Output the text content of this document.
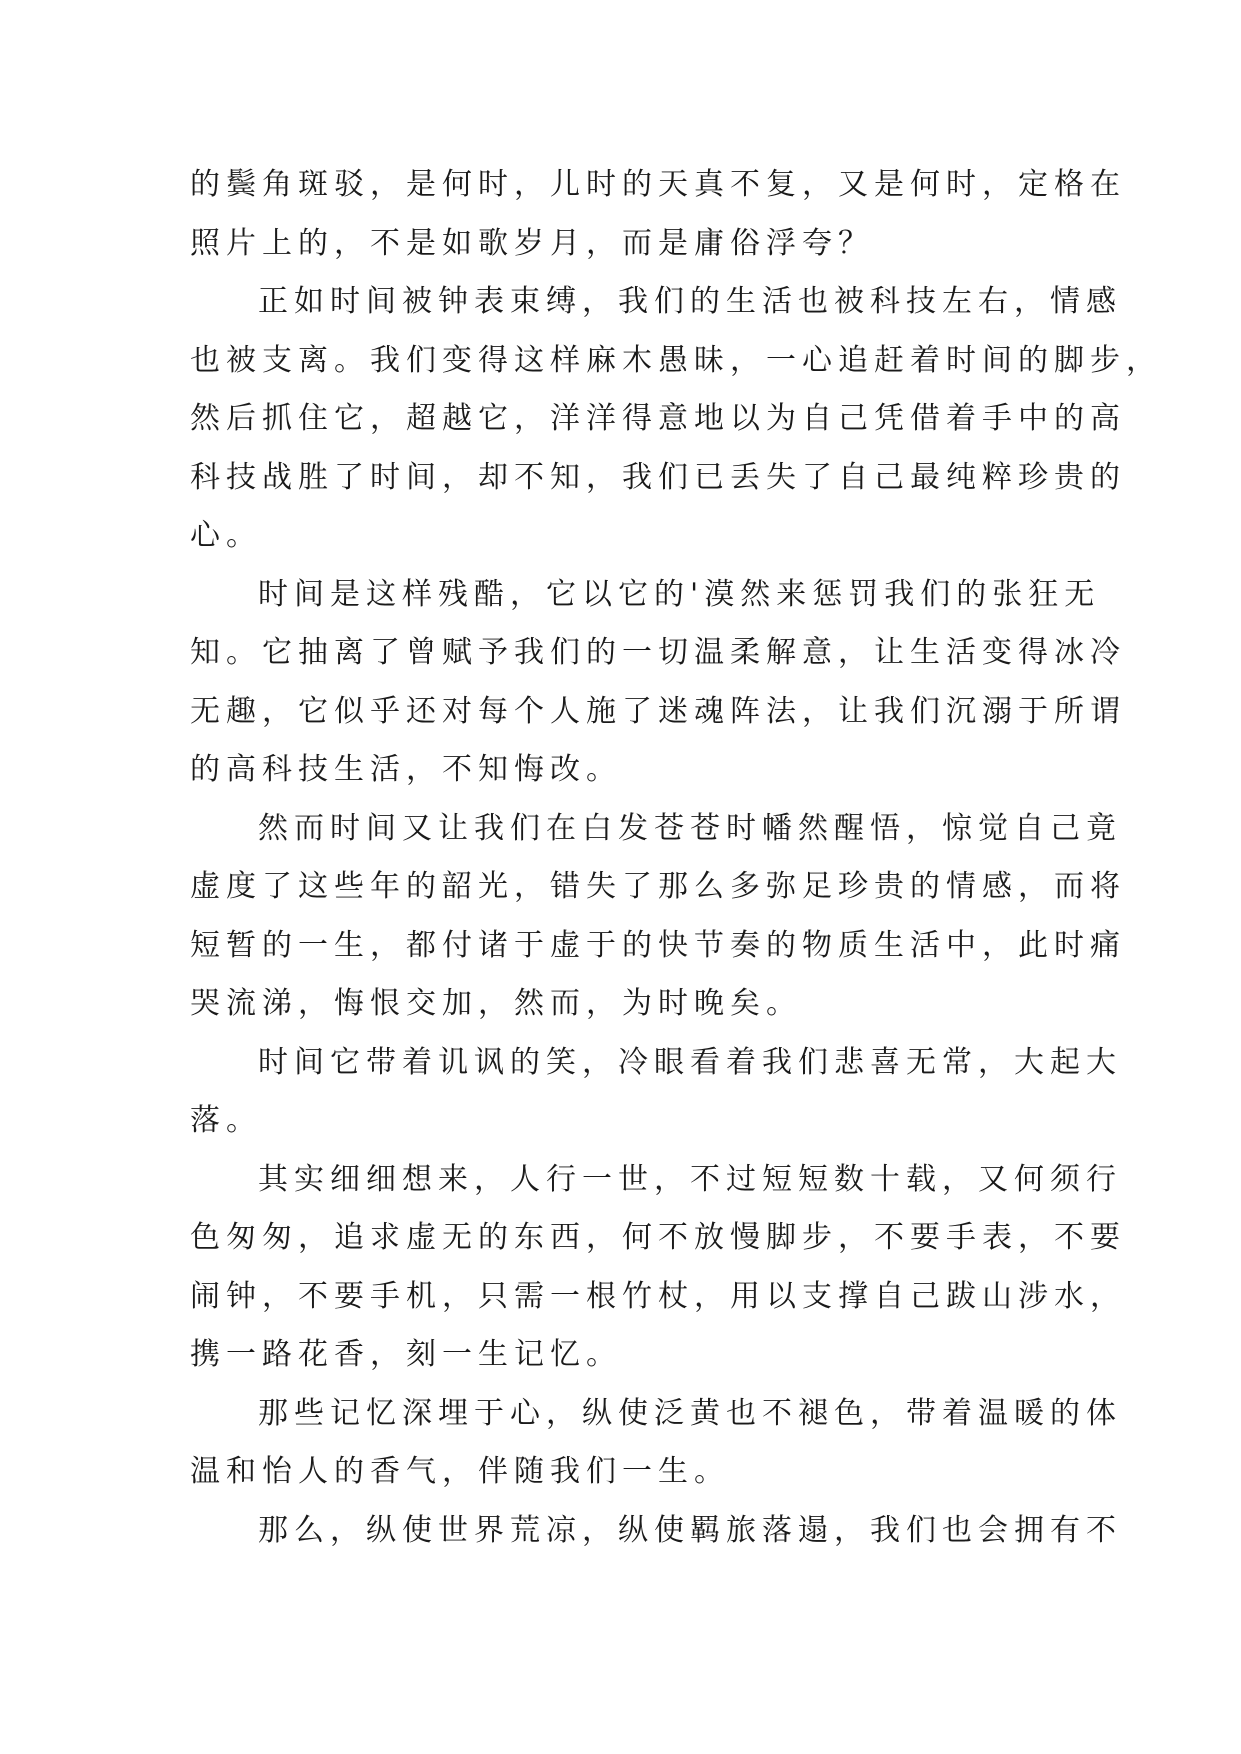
的鬓角斑驳，是何时，儿时的天真不复，又是何时，定格在
照片上的，不是如歌岁月，而是庸俗浮夸？
正如时间被钟表束缚，我们的生活也被科技左右，情感
也被支离。我们变得这样麻木愚昧，一心追赶着时间的脚步，
然后抓住它，超越它，洋洋得意地以为自己凭借着手中的高
科技战胜了时间，却不知，我们已丢失了自己最纯粹珍贵的
心。
时间是这样残酷，它以它的'漠然来惩罚我们的张狂无
知。它抽离了曾赋予我们的一切温柔解意，让生活变得冰冷
无趣，它似乎还对每个人施了迷魂阵法，让我们沉溺于所谓
的高科技生活，不知悔改。
然而时间又让我们在白发苍苍时幡然醒悟，惊觉自己竟
虚度了这些年的韶光，错失了那么多弥足珍贵的情感，而将
短暂的一生，都付诸于虚于的快节奏的物质生活中，此时痛
哭流涕，悔恨交加，然而，为时晚矣。
时间它带着讥讽的笑，冷眼看着我们悲喜无常，大起大
落。
其实细细想来，人行一世，不过短短数十载，又何须行
色匆匆，追求虚无的东西，何不放慢脚步，不要手表，不要
闹钟，不要手机，只需一根竹杖，用以支撑自己跋山涉水，
携一路花香，刻一生记忆。
那些记忆深埋于心，纵使泛黄也不褪色，带着温暖的体
温和怡人的香气，伴随我们一生。
那么，纵使世界荒凉，纵使羁旅落遢，我们也会拥有不
